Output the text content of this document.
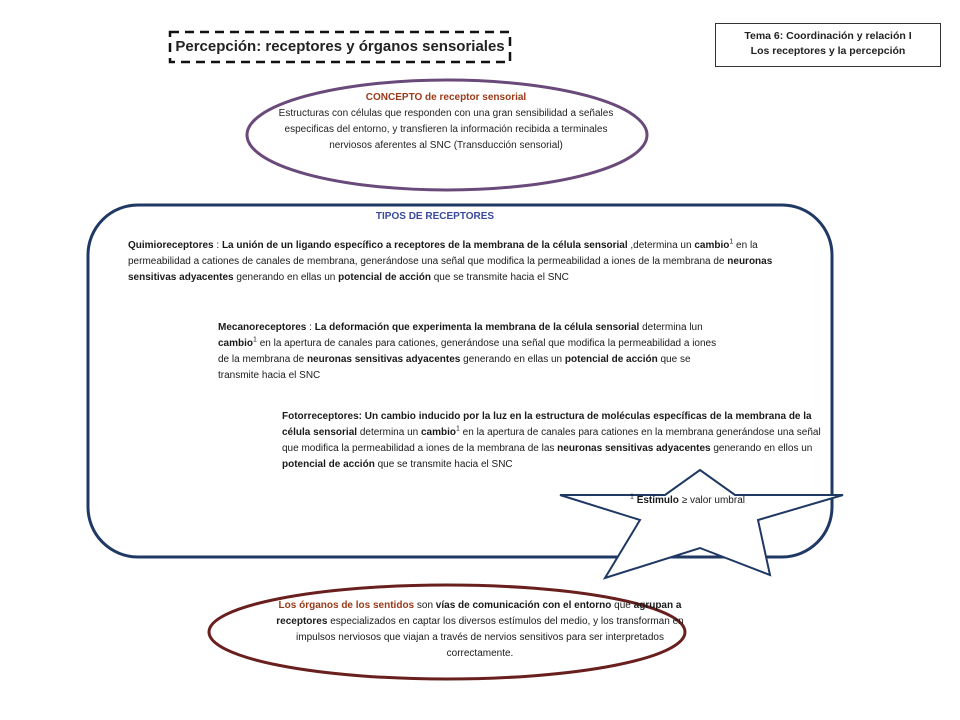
Percepción: receptores y órganos sensoriales
Tema 6: Coordinación y relación I
Los receptores y la percepción
CONCEPTO de receptor sensorial
Estructuras con células que responden con una gran sensibilidad a señales especificas del entorno, y transfieren la información recibida a terminales nerviosos aferentes al SNC (Transducción sensorial)
TIPOS DE RECEPTORES
Quimioreceptores : La unión de un ligando específico a receptores de la membrana de la célula sensorial ,determina un cambio$^1$ en la permeabilidad a cationes de canales de membrana, generándose una señal que modifica la permeabilidad a iones de la membrana de neuronas sensitivas adyacentes generando en ellas un potencial de acción que se transmite hacia el SNC
Mecanoreceptores : La deformación que experimenta la membrana de la célula sensorial determina lun cambio$^1$ en la apertura de canales para cationes, generándose una señal que modifica la permeabilidad a iones de la membrana de neuronas sensitivas adyacentes generando en ellas un potencial de acción que se transmite hacia el SNC
Fotorreceptores: Un cambio inducido por la luz en la estructura de moléculas específicas de la membrana de la célula sensorial determina un cambio$^1$ en la apertura de canales para cationes en la membrana generándose una señal que modifica la permeabilidad a iones de la membrana de las neuronas sensitivas adyacentes generando en ellos un potencial de acción que se transmite hacia el SNC
$^1$ Estímulo ≥ valor umbral
Los órganos de los sentidos son vías de comunicación con el entorno que agrupan a receptores especializados en captar los diversos estímulos del medio, y los transforman en impulsos nerviosos que viajan a través de nervios sensitivos para ser interpretados correctamente.
